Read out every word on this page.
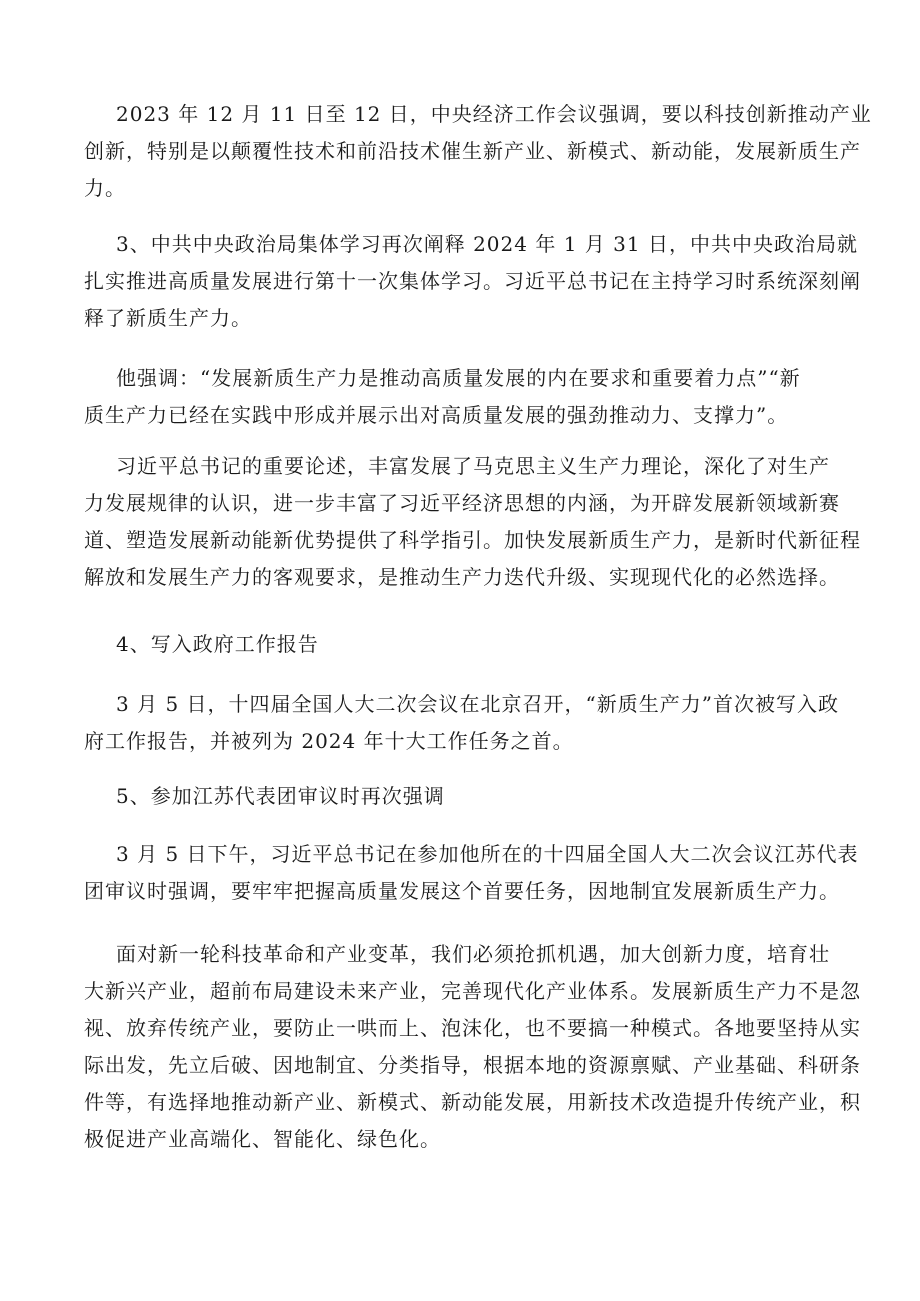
2023 年 12 月 11 日至 12 日，中央经济工作会议强调，要以科技创新推动产业
创新，特别是以颠覆性技术和前沿技术催生新产业、新模式、新动能，发展新质生产
力。

3、中共中央政治局集体学习再次阐释 2024 年 1 月 31 日，中共中央政治局就
扎实推进高质量发展进行第十一次集体学习。习近平总书记在主持学习时系统深刻阐
释了新质生产力。

他强调：“发展新质生产力是推动高质量发展的内在要求和重要着力点”“新
质生产力已经在实践中形成并展示出对高质量发展的强劲推动力、支撑力”。

习近平总书记的重要论述，丰富发展了马克思主义生产力理论，深化了对生产
力发展规律的认识，进一步丰富了习近平经济思想的内涵，为开辟发展新领域新赛
道、塑造发展新动能新优势提供了科学指引。加快发展新质生产力，是新时代新征程
解放和发展生产力的客观要求，是推动生产力迭代升级、实现现代化的必然选择。

4、写入政府工作报告

3 月 5 日，十四届全国人大二次会议在北京召开，“新质生产力”首次被写入政
府工作报告，并被列为 2024 年十大工作任务之首。

5、参加江苏代表团审议时再次强调

3 月 5 日下午，习近平总书记在参加他所在的十四届全国人大二次会议江苏代表
团审议时强调，要牢牢把握高质量发展这个首要任务，因地制宜发展新质生产力。

面对新一轮科技革命和产业变革，我们必须抢抓机遇，加大创新力度，培育壮
大新兴产业，超前布局建设未来产业，完善现代化产业体系。发展新质生产力不是忽
视、放弃传统产业，要防止一哄而上、泡沫化，也不要搞一种模式。各地要坚持从实
际出发，先立后破、因地制宜、分类指导，根据本地的资源禀赋、产业基础、科研条
件等，有选择地推动新产业、新模式、新动能发展，用新技术改造提升传统产业，积
极促进产业高端化、智能化、绿色化。
